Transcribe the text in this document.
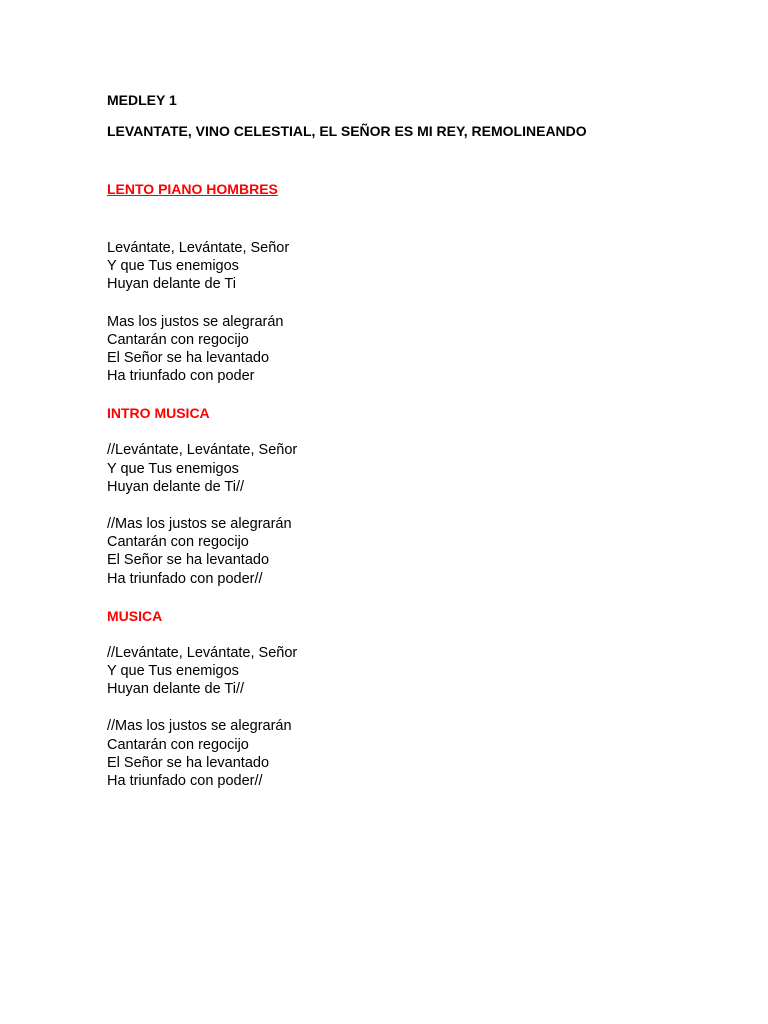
MEDLEY 1

LEVANTATE, VINO CELESTIAL, EL SEÑOR ES MI REY, REMOLINEANDO

LENTO PIANO HOMBRES

Levántate, Levántate, Señor
Y que Tus enemigos
Huyan delante de Ti
Mas los justos se alegrarán
Cantarán con regocijo
El Señor se ha levantado
Ha triunfado con poder

INTRO MUSICA

//Levántate, Levántate, Señor
Y que Tus enemigos
Huyan delante de Ti//
//Mas los justos se alegrarán
Cantarán con regocijo
El Señor se ha levantado
Ha triunfado con poder//

MUSICA

//Levántate, Levántate, Señor
Y que Tus enemigos
Huyan delante de Ti//
//Mas los justos se alegrarán
Cantarán con regocijo
El Señor se ha levantado
Ha triunfado con poder//
